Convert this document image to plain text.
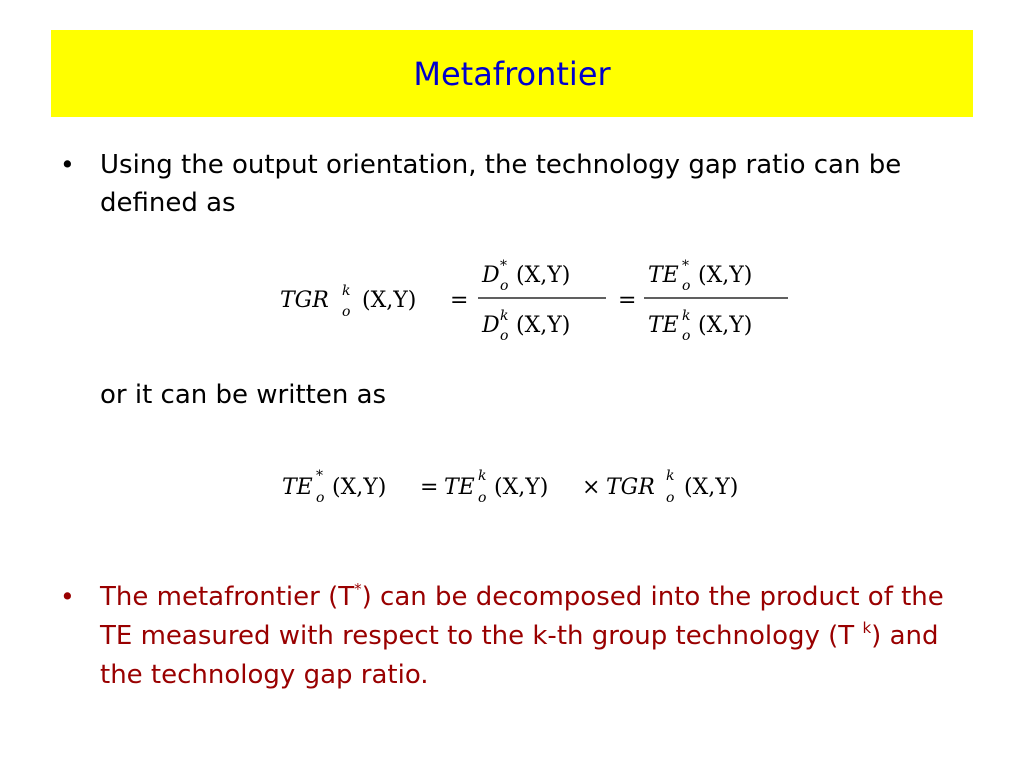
Metafrontier
• Using the output orientation, the technology gap ratio can be defined as
TGR k
o (X,Y) =
D *
o (X,Y)
D k
o (X,Y)
=
TE *
o (X,Y)
TE k
o (X,Y)
or it can be written as
TE *
o (X,Y) = TE k
o (X,Y) × TGR k
o (X,Y)
• The metafrontier (T*) can be decomposed into the product of the TE measured with respect to the k-th group technology (T $^k$) and the technology gap ratio.
